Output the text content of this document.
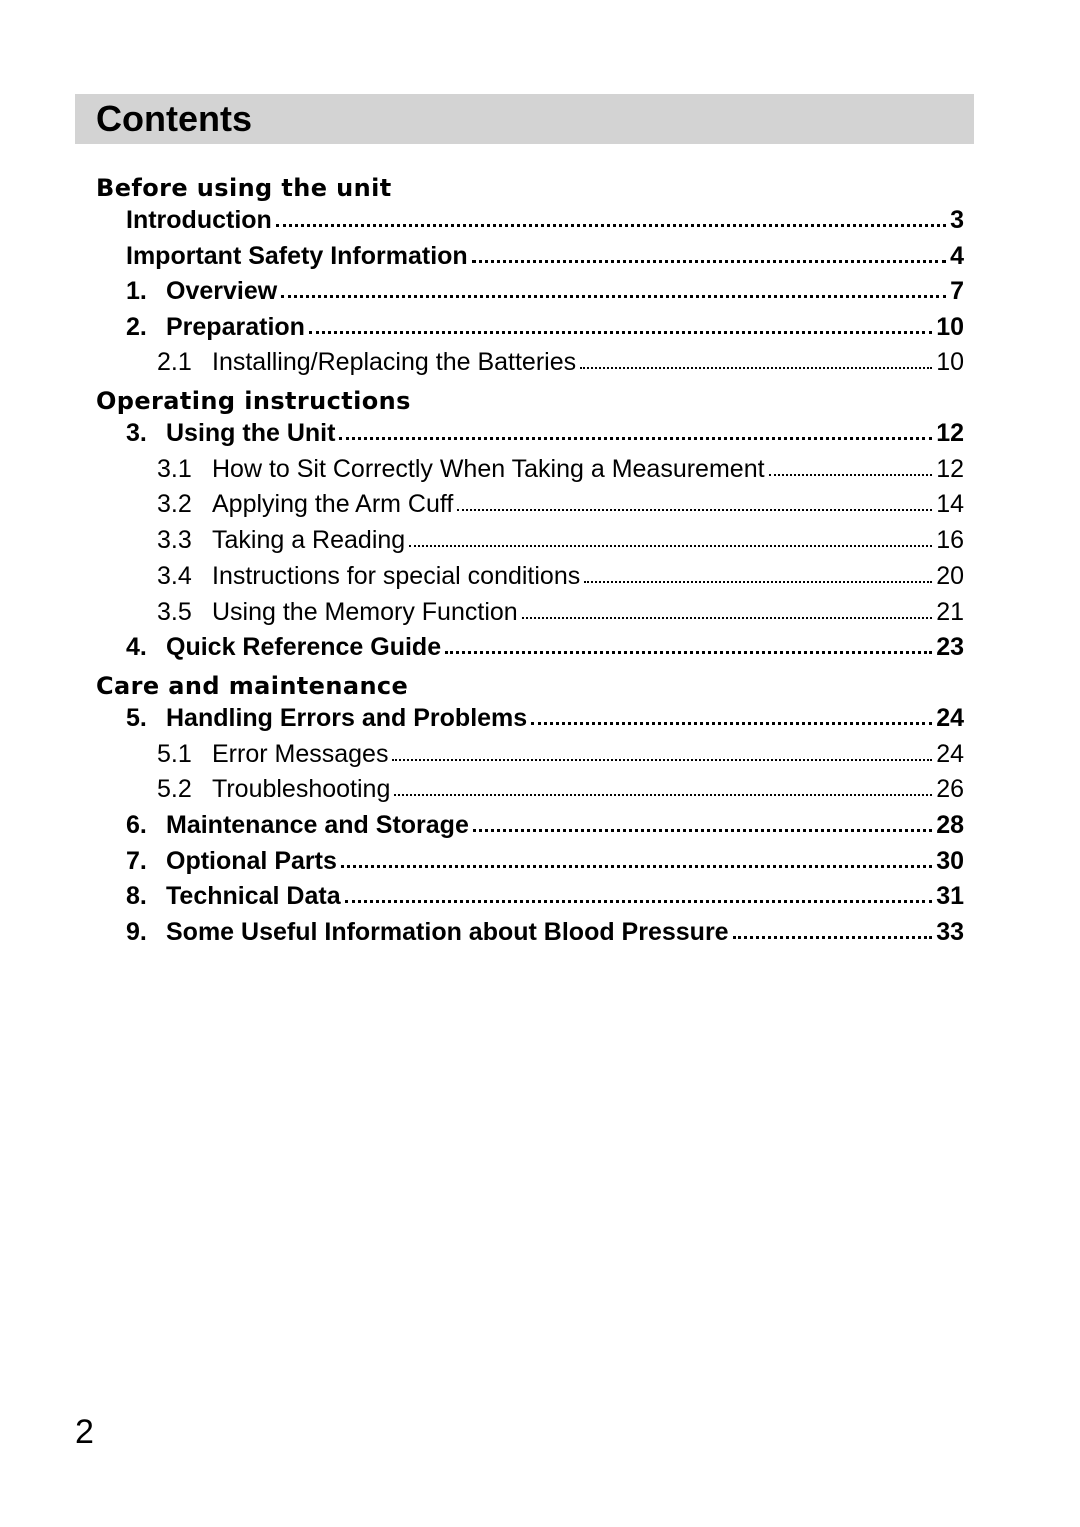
Contents
Before using the unit
Introduction	3
Important Safety Information	4
1. Overview	7
2. Preparation	10
2.1 Installing/Replacing the Batteries	10
Operating instructions
3. Using the Unit	12
3.1 How to Sit Correctly When Taking a Measurement	12
3.2 Applying the Arm Cuff	14
3.3 Taking a Reading	16
3.4 Instructions for special conditions	20
3.5 Using the Memory Function	21
4. Quick Reference Guide	23
Care and maintenance
5. Handling Errors and Problems	24
5.1 Error Messages	24
5.2 Troubleshooting	26
6. Maintenance and Storage	28
7. Optional Parts	30
8. Technical Data	31
9. Some Useful Information about Blood Pressure	33
2
